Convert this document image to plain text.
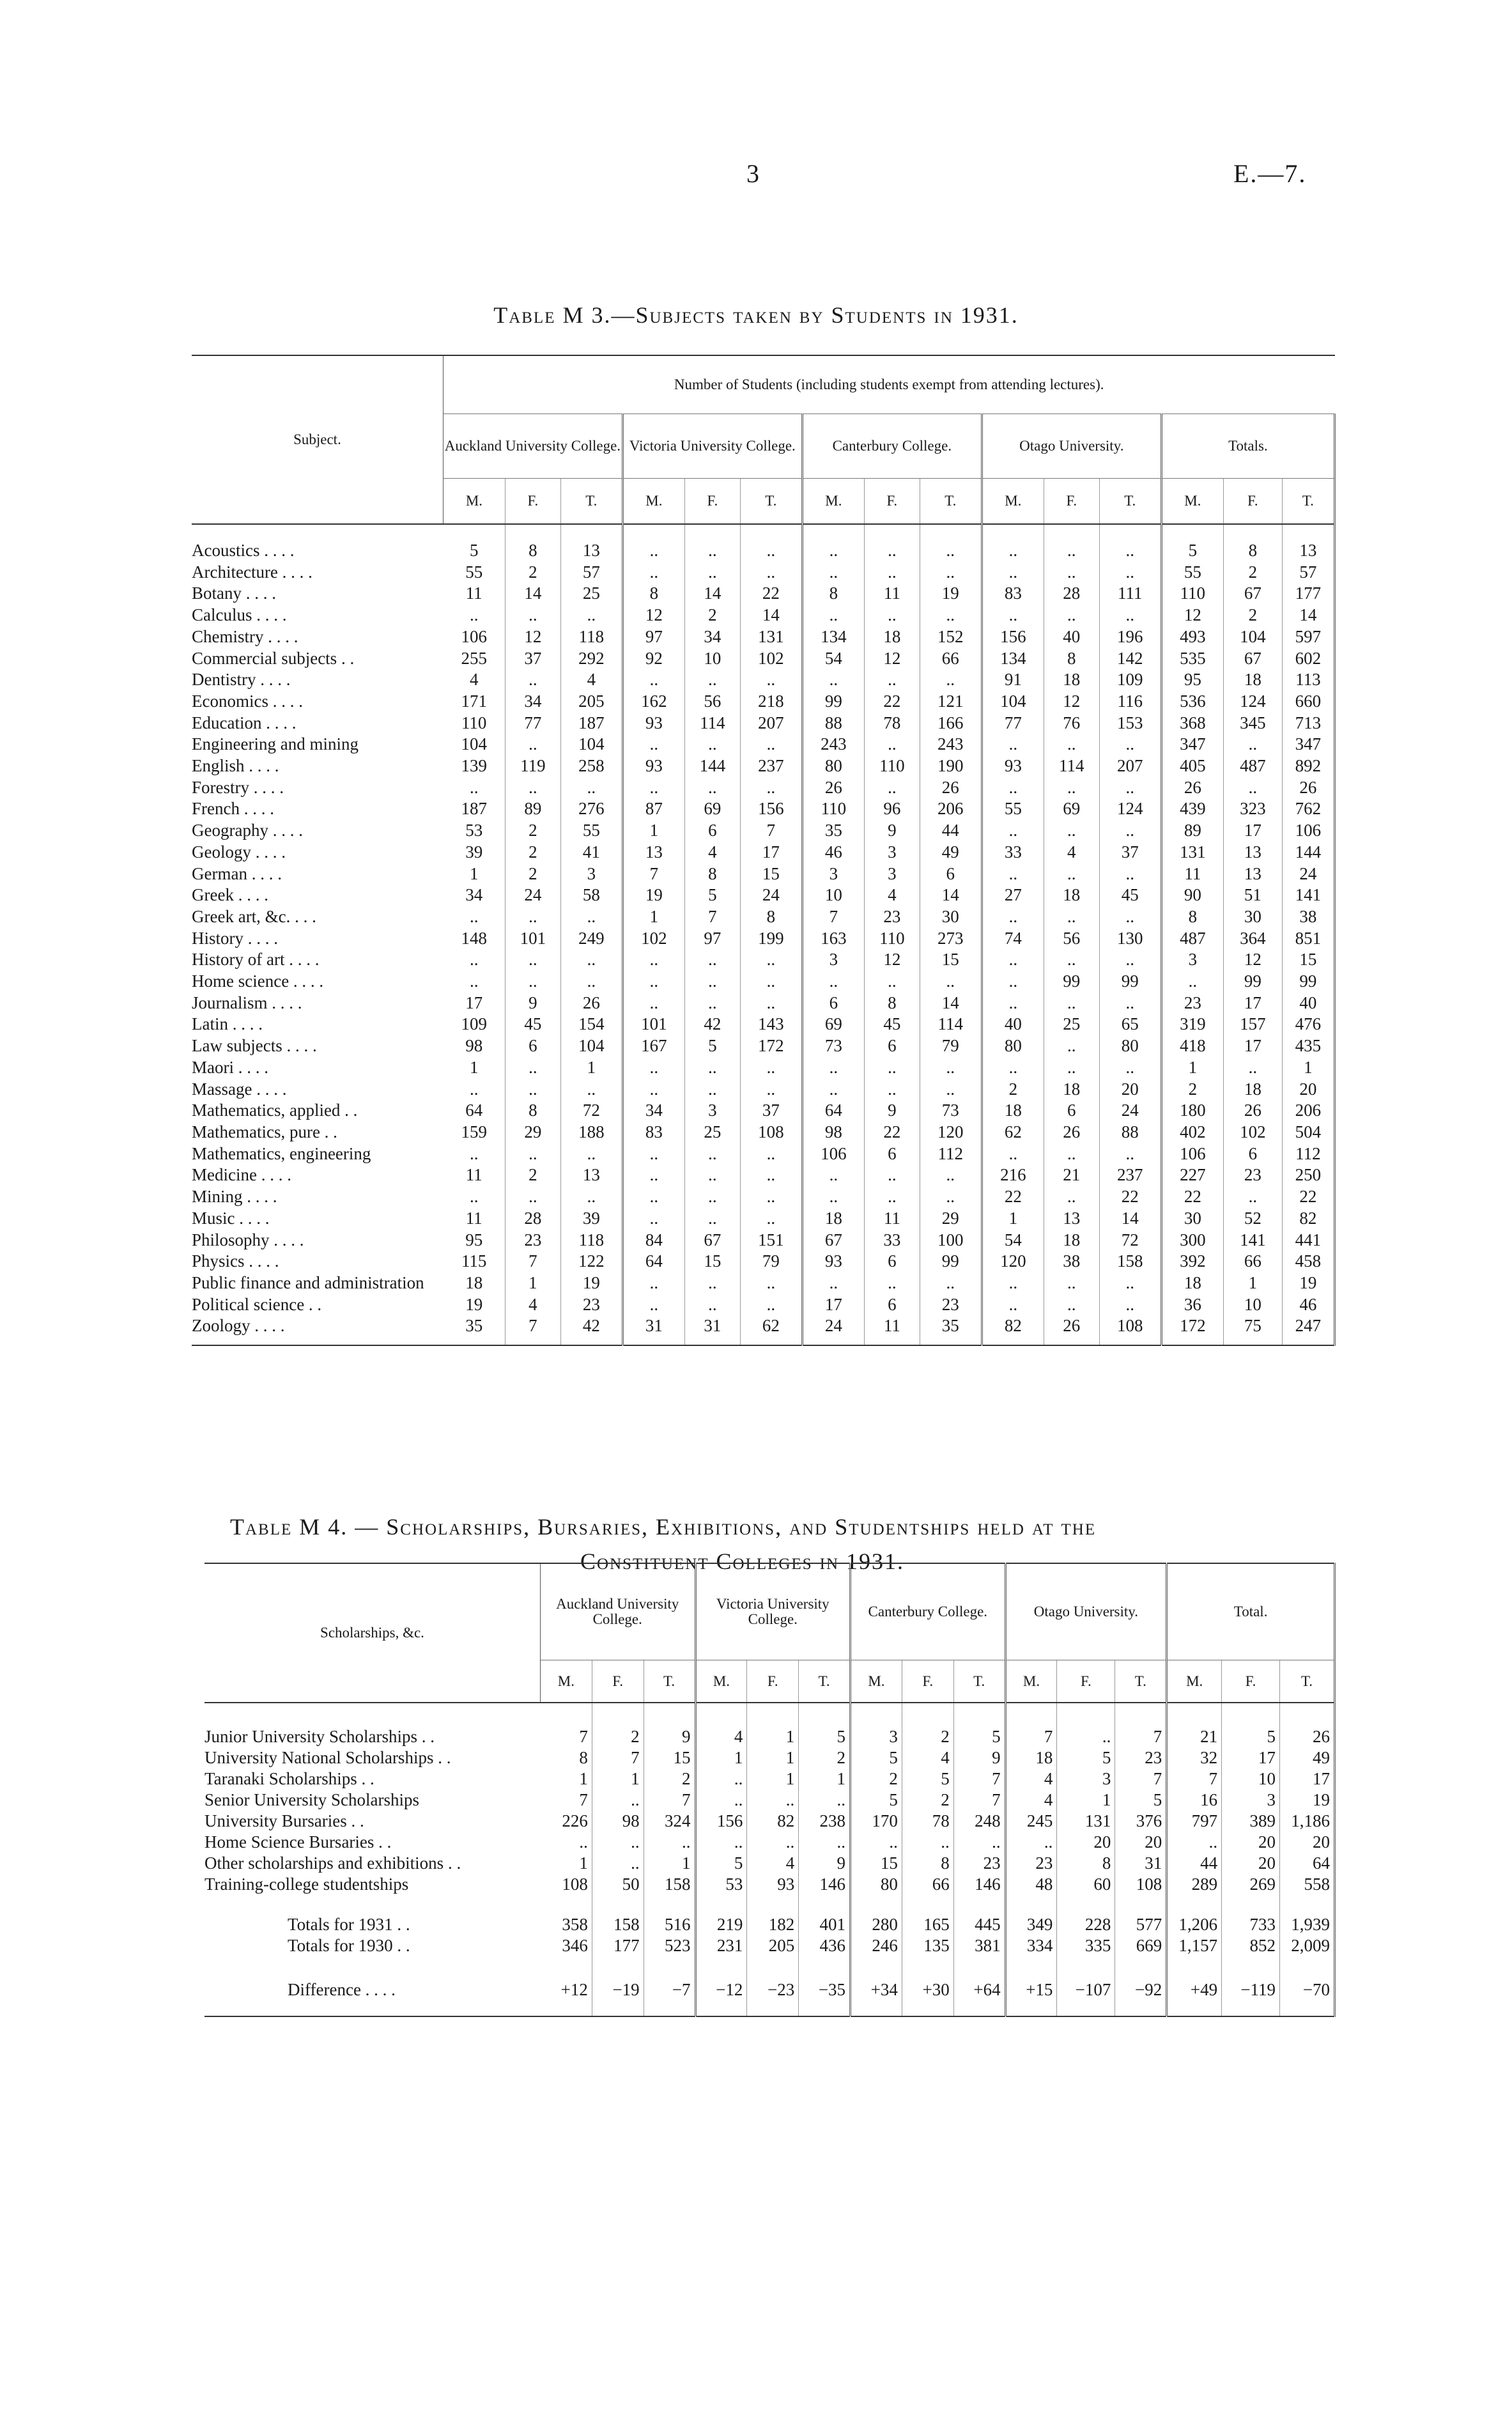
3	E.—7.
Table M 3.—Subjects taken by Students in 1931.
Subject.	Number of Students (including students exempt from attending lectures).														
	Auckland University College.			Victoria University College.			Canterbury College.			Otago University.			Totals.		
	M.	F.	T.	M.	F.	T.	M.	F.	T.	M.	F.	T.	M.	F.	T.
Acoustics . . . .	5	8	13	..	..	..	..	..	..	..	..	..	5	8	13
Architecture . . . .	55	2	57	..	..	..	..	..	..	..	..	..	55	2	57
Botany . . . .	11	14	25	8	14	22	8	11	19	83	28	111	110	67	177
Calculus . . . .	..	..	..	12	2	14	..	..	..	..	..	..	12	2	14
Chemistry . . . .	106	12	118	97	34	131	134	18	152	156	40	196	493	104	597
Commercial subjects . .	255	37	292	92	10	102	54	12	66	134	8	142	535	67	602
Dentistry . . . .	4	..	4	..	..	..	..	..	..	91	18	109	95	18	113
Economics . . . .	171	34	205	162	56	218	99	22	121	104	12	116	536	124	660
Education . . . .	110	77	187	93	114	207	88	78	166	77	76	153	368	345	713
Engineering and mining	104	..	104	..	..	..	243	..	243	..	..	..	347	..	347
English . . . .	139	119	258	93	144	237	80	110	190	93	114	207	405	487	892
Forestry . . . .	..	..	..	..	..	..	26	..	26	..	..	..	26	..	26
French . . . .	187	89	276	87	69	156	110	96	206	55	69	124	439	323	762
Geography . . . .	53	2	55	1	6	7	35	9	44	..	..	..	89	17	106
Geology . . . .	39	2	41	13	4	17	46	3	49	33	4	37	131	13	144
German . . . .	1	2	3	7	8	15	3	3	6	..	..	..	11	13	24
Greek . . . .	34	24	58	19	5	24	10	4	14	27	18	45	90	51	141
Greek art, &c. . . .	..	..	..	1	7	8	7	23	30	..	..	..	8	30	38
History . . . .	148	101	249	102	97	199	163	110	273	74	56	130	487	364	851
History of art . . . .	..	..	..	..	..	..	3	12	15	..	..	..	3	12	15
Home science . . . .	..	..	..	..	..	..	..	..	..	..	99	99	..	99	99
Journalism . . . .	17	9	26	..	..	..	6	8	14	..	..	..	23	17	40
Latin . . . .	109	45	154	101	42	143	69	45	114	40	25	65	319	157	476
Law subjects . . . .	98	6	104	167	5	172	73	6	79	80	..	80	418	17	435
Maori . . . .	1	..	1	..	..	..	..	..	..	..	..	..	1	..	1
Massage . . . .	..	..	..	..	..	..	..	..	..	2	18	20	2	18	20
Mathematics, applied . .	64	8	72	34	3	37	64	9	73	18	6	24	180	26	206
Mathematics, pure . .	159	29	188	83	25	108	98	22	120	62	26	88	402	102	504
Mathematics, engineering	..	..	..	..	..	..	106	6	112	..	..	..	106	6	112
Medicine . . . .	11	2	13	..	..	..	..	..	..	216	21	237	227	23	250
Mining . . . .	..	..	..	..	..	..	..	..	..	22	..	22	22	..	22
Music . . . .	11	28	39	..	..	..	18	11	29	1	13	14	30	52	82
Philosophy . . . .	95	23	118	84	67	151	67	33	100	54	18	72	300	141	441
Physics . . . .	115	7	122	64	15	79	93	6	99	120	38	158	392	66	458
Public finance and administration	18	1	19	..	..	..	..	..	..	..	..	..	18	1	19
Political science . .	19	4	23	..	..	..	17	6	23	..	..	..	36	10	46
Zoology . . . .	35	7	42	31	31	62	24	11	35	82	26	108	172	75	247
Table M 4. — Scholarships, Bursaries, Exhibitions, and Studentships held at the
Constituent Colleges in 1931.
Scholarships, &c.	Auckland University College.			Victoria University College.			Canterbury College.			Otago University.			Total.		
	M.	F.	T.	M.	F.	T.	M.	F.	T.	M.	F.	T.	M.	F.	T.
Junior University Scholarships . .	7	2	9	4	1	5	3	2	5	7	..	7	21	5	26
University National Scholarships . .	8	7	15	1	1	2	5	4	9	18	5	23	32	17	49
Taranaki Scholarships . .	1	1	2	..	1	1	2	5	7	4	3	7	7	10	17
Senior University Scholarships	7	..	7	..	..	..	5	2	7	4	1	5	16	3	19
University Bursaries . .	226	98	324	156	82	238	170	78	248	245	131	376	797	389	1,186
Home Science Bursaries . .	..	..	..	..	..	..	..	..	..	..	20	20	..	20	20
Other scholarships and exhibitions . .	1	..	1	5	4	9	15	8	23	23	8	31	44	20	64
Training-college studentships	108	50	158	53	93	146	80	66	146	48	60	108	289	269	558
Totals for 1931 . .	358	158	516	219	182	401	280	165	445	349	228	577	1,206	733	1,939
Totals for 1930 . .	346	177	523	231	205	436	246	135	381	334	335	669	1,157	852	2,009
Difference . . . .	+12	−19	−7	−12	−23	−35	+34	+30	+64	+15	−107	−92	+49	−119	−70
